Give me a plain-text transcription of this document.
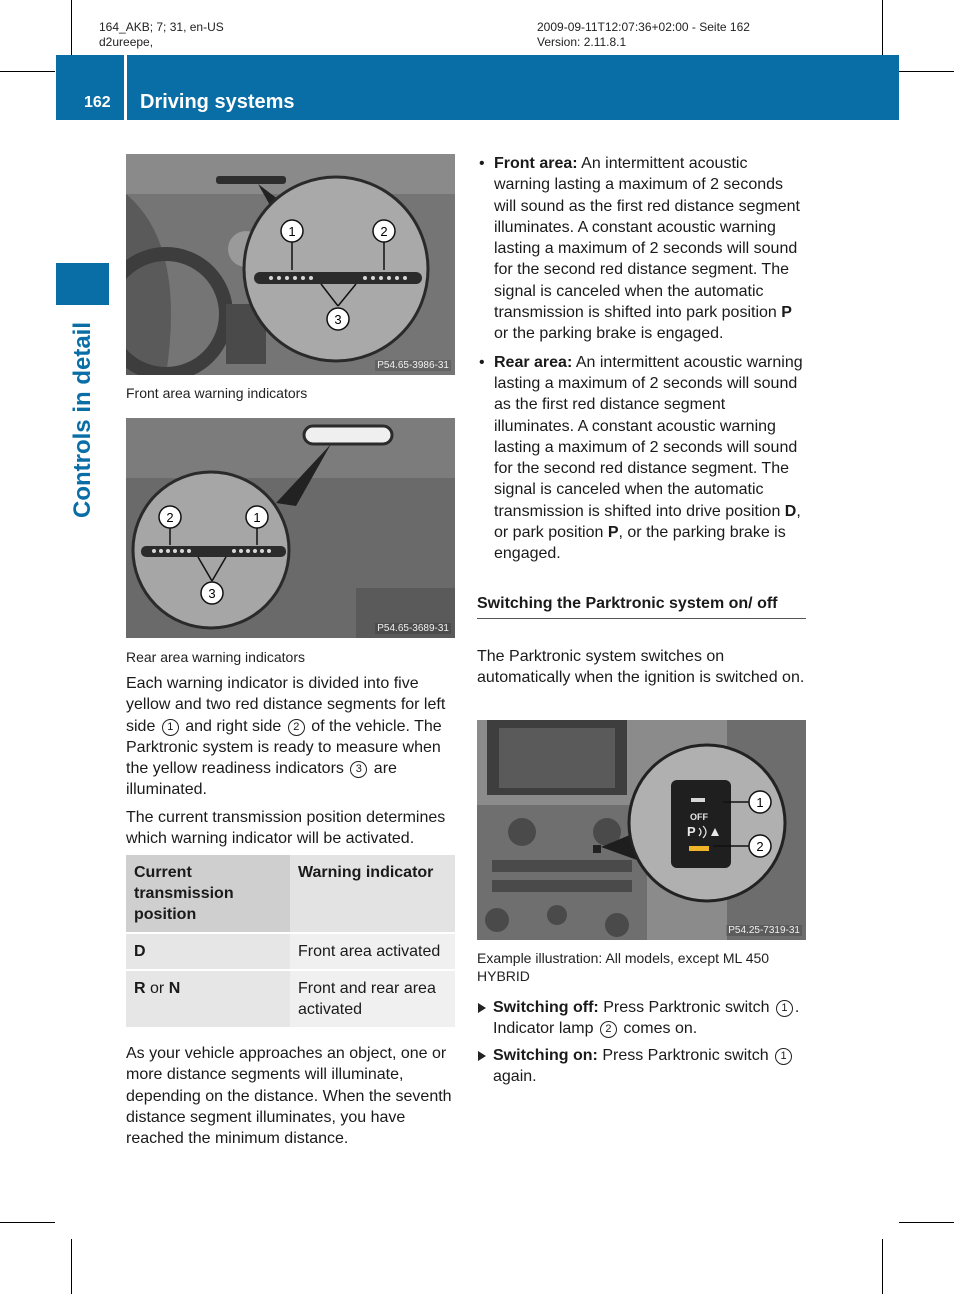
164_AKB; 7; 31, en-US
d2ureepe,
2009-09-11T12:07:36+02:00 - Seite 162
Version: 2.11.8.1
162 Driving systems
Controls in detail
1	2
3
P54.65-3986-31
Front area warning indicators
2	1
3
P54.65-3689-31
Rear area warning indicators

Each warning indicator is divided into five yellow and two red distance segments for left side 1 and right side 2 of the vehicle. The Parktronic system is ready to measure when the yellow readiness indicators 3 are illuminated.

The current transmission position determines which warning indicator will be activated.

Current transmission position	Warning indicator
D	Front area activated
R or N	Front and rear area activated

As your vehicle approaches an object, one or more distance segments will illuminate, depending on the distance. When the seventh distance segment illuminates, you have reached the minimum distance.

• Front area: An intermittent acoustic warning lasting a maximum of 2 seconds will sound as the first red distance segment illuminates. A constant acoustic warning lasting a maximum of 2 seconds will sound for the second red distance segment. The signal is canceled when the automatic transmission is shifted into park position P or the parking brake is engaged.
• Rear area: An intermittent acoustic warning lasting a maximum of 2 seconds will sound as the first red distance segment illuminates. A constant acoustic warning lasting a maximum of 2 seconds will sound for the second red distance segment. The signal is canceled when the automatic transmission is shifted into drive position D, or park position P, or the parking brake is engaged.
Switching the Parktronic system on/ off

The Parktronic system switches on automatically when the ignition is switched on.

OFF
P
1
2
P54.25-7319-31
Example illustration: All models, except ML 450 HYBRID
Switching off: Press Parktronic switch 1 .
Indicator lamp 2 comes on.
Switching on: Press Parktronic switch 1 again.
